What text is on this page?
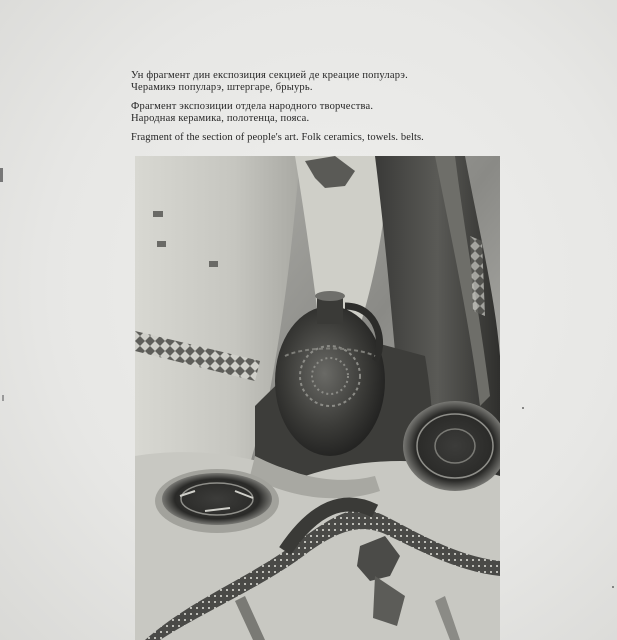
Ун фрагмент дин експозиция секцией де креацие популарэ.
Черамикэ популарэ, штергаре, брыурь.

Фрагмент экспозиции отдела народного творчества.
Народная керамика, полотенца, пояса.

Fragment of the section of people's art. Folk ceramics, towels. belts.
